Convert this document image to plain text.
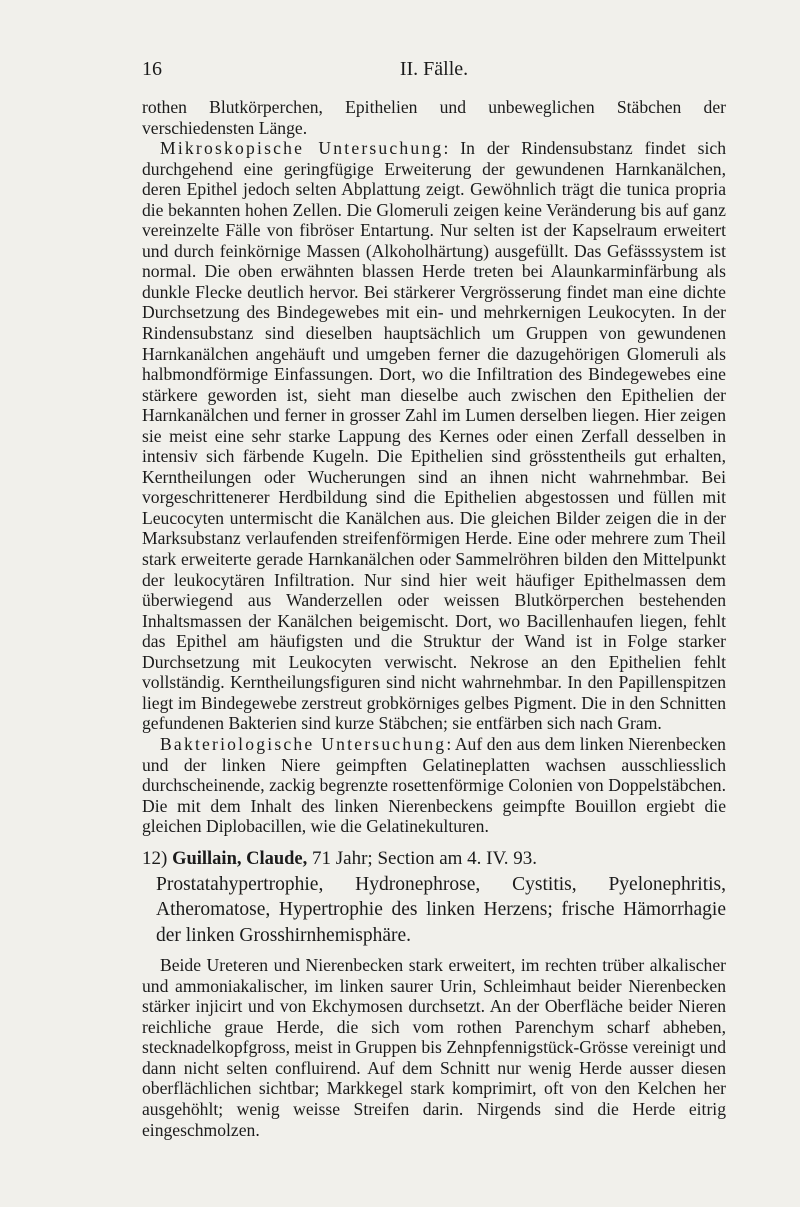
16	II. Fälle.

rothen Blutkörperchen, Epithelien und unbeweglichen Stäbchen der verschiedensten Länge.

Mikroskopische Untersuchung: In der Rindensubstanz findet sich durchgehend eine geringfügige Erweiterung der gewundenen Harnkanälchen, deren Epithel jedoch selten Abplattung zeigt. Gewöhnlich trägt die tunica propria die bekannten hohen Zellen. Die Glomeruli zeigen keine Veränderung bis auf ganz vereinzelte Fälle von fibröser Entartung. Nur selten ist der Kapselraum erweitert und durch feinkörnige Massen (Alkoholhärtung) ausgefüllt. Das Gefässsystem ist normal. Die oben erwähnten blassen Herde treten bei Alaunkarminfärbung als dunkle Flecke deutlich hervor. Bei stärkerer Vergrösserung findet man eine dichte Durchsetzung des Bindegewebes mit ein- und mehrkernigen Leukocyten. In der Rindensubstanz sind dieselben hauptsächlich um Gruppen von gewundenen Harnkanälchen angehäuft und umgeben ferner die dazugehörigen Glomeruli als halbmondförmige Einfassungen. Dort, wo die Infiltration des Bindegewebes eine stärkere geworden ist, sieht man dieselbe auch zwischen den Epithelien der Harnkanälchen und ferner in grosser Zahl im Lumen derselben liegen. Hier zeigen sie meist eine sehr starke Lappung des Kernes oder einen Zerfall desselben in intensiv sich färbende Kugeln. Die Epithelien sind grösstentheils gut erhalten, Kerntheilungen oder Wucherungen sind an ihnen nicht wahrnehmbar. Bei vorgeschrittenerer Herdbildung sind die Epithelien abgestossen und füllen mit Leucocyten untermischt die Kanälchen aus. Die gleichen Bilder zeigen die in der Marksubstanz verlaufenden streifenförmigen Herde. Eine oder mehrere zum Theil stark erweiterte gerade Harnkanälchen oder Sammelröhren bilden den Mittelpunkt der leukocytären Infiltration. Nur sind hier weit häufiger Epithelmassen dem überwiegend aus Wanderzellen oder weissen Blutkörperchen bestehenden Inhaltsmassen der Kanälchen beigemischt. Dort, wo Bacillenhaufen liegen, fehlt das Epithel am häufigsten und die Struktur der Wand ist in Folge starker Durchsetzung mit Leukocyten verwischt. Nekrose an den Epithelien fehlt vollständig. Kerntheilungsfiguren sind nicht wahrnehmbar. In den Papillenspitzen liegt im Bindegewebe zerstreut grobkörniges gelbes Pigment. Die in den Schnitten gefundenen Bakterien sind kurze Stäbchen; sie entfärben sich nach Gram.

Bakteriologische Untersuchung: Auf den aus dem linken Nierenbecken und der linken Niere geimpften Gelatineplatten wachsen ausschliesslich durchscheinende, zackig begrenzte rosettenförmige Colonien von Doppelstäbchen. Die mit dem Inhalt des linken Nierenbeckens geimpfte Bouillon ergiebt die gleichen Diplobacillen, wie die Gelatinekulturen.

12) Guillain, Claude, 71 Jahr; Section am 4. IV. 93.
Prostatahypertrophie, Hydronephrose, Cystitis, Pyelonephritis, Atheromatose, Hypertrophie des linken Herzens; frische Hämorrhagie der linken Grosshirnhemisphäre.

Beide Ureteren und Nierenbecken stark erweitert, im rechten trüber alkalischer und ammoniakalischer, im linken saurer Urin, Schleimhaut beider Nierenbecken stärker injicirt und von Ekchymosen durchsetzt. An der Oberfläche beider Nieren reichliche graue Herde, die sich vom rothen Parenchym scharf abheben, stecknadelkopfgross, meist in Gruppen bis Zehnpfennigstück-Grösse vereinigt und dann nicht selten confluirend. Auf dem Schnitt nur wenig Herde ausser diesen oberflächlichen sichtbar; Markkegel stark komprimirt, oft von den Kelchen her ausgehöhlt; wenig weisse Streifen darin. Nirgends sind die Herde eitrig eingeschmolzen.
